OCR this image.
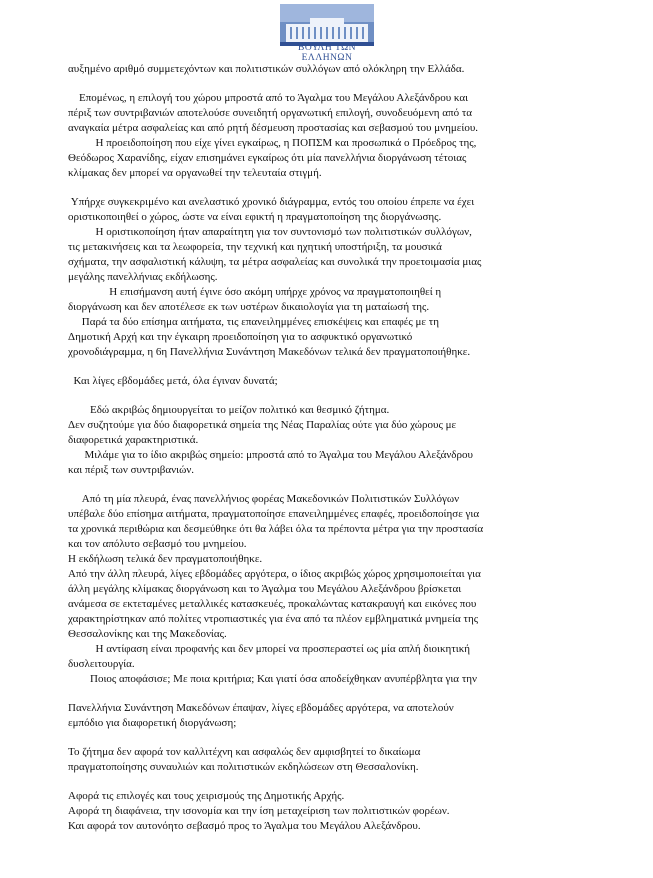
ΒΟΥΛΗ ΤΩΝ ΕΛΛΗΝΩΝ

αυξημένο αριθμό συμμετεχόντων και πολιτιστικών συλλόγων από ολόκληρη την Ελλάδα.

Επομένως, η επιλογή του χώρου μπροστά από το Άγαλμα του Μεγάλου Αλεξάνδρου και
πέριξ των συντριβανιών αποτελούσε συνειδητή οργανωτική επιλογή, συνοδευόμενη από τα
αναγκαία μέτρα ασφαλείας και από ρητή δέσμευση προστασίας και σεβασμού του μνημείου.

Η προειδοποίηση που είχε γίνει εγκαίρως, η ΠΟΠΣΜ και προσωπικά ο Πρόεδρος της,
Θεόδωρος Χαρανίδης, είχαν επισημάνει εγκαίρως ότι μία πανελλήνια διοργάνωση τέτοιας
κλίμακας δεν μπορεί να οργανωθεί την τελευταία στιγμή.

Υπήρχε συγκεκριμένο και ανελαστικό χρονικό διάγραμμα, εντός του οποίου έπρεπε να έχει
οριστικοποιηθεί ο χώρος, ώστε να είναι εφικτή η πραγματοποίηση της διοργάνωσης.

Η οριστικοποίηση ήταν απαραίτητη για τον συντονισμό των πολιτιστικών συλλόγων,
τις μετακινήσεις και τα λεωφορεία, την τεχνική και ηχητική υποστήριξη, τα μουσικά
σχήματα, την ασφαλιστική κάλυψη, τα μέτρα ασφαλείας και συνολικά την προετοιμασία μιας
μεγάλης πανελλήνιας εκδήλωσης.

Η επισήμανση αυτή έγινε όσο ακόμη υπήρχε χρόνος να πραγματοποιηθεί η
διοργάνωση και δεν αποτέλεσε εκ των υστέρων δικαιολογία για τη ματαίωσή της.

Παρά τα δύο επίσημα αιτήματα, τις επανειλημμένες επισκέψεις και επαφές με τη
Δημοτική Αρχή και την έγκαιρη προειδοποίηση για το ασφυκτικό οργανωτικό
χρονοδιάγραμμα, η 6η Πανελλήνια Συνάντηση Μακεδόνων τελικά δεν πραγματοποιήθηκε.

Και λίγες εβδομάδες μετά, όλα έγιναν δυνατά;

Εδώ ακριβώς δημιουργείται το μείζον πολιτικό και θεσμικό ζήτημα.
Δεν συζητούμε για δύο διαφορετικά σημεία της Νέας Παραλίας ούτε για δύο χώρους με
διαφορετικά χαρακτηριστικά.

Μιλάμε για το ίδιο ακριβώς σημείο: μπροστά από το Άγαλμα του Μεγάλου Αλεξάνδρου
και πέριξ των συντριβανιών.

Από τη μία πλευρά, ένας πανελλήνιος φορέας Μακεδονικών Πολιτιστικών Συλλόγων
υπέβαλε δύο επίσημα αιτήματα, πραγματοποίησε επανειλημμένες επαφές, προειδοποίησε για
τα χρονικά περιθώρια και δεσμεύθηκε ότι θα λάβει όλα τα πρέποντα μέτρα για την προστασία
και τον απόλυτο σεβασμό του μνημείου.
Η εκδήλωση τελικά δεν πραγματοποιήθηκε.
Από την άλλη πλευρά, λίγες εβδομάδες αργότερα, ο ίδιος ακριβώς χώρος χρησιμοποιείται για
άλλη μεγάλης κλίμακας διοργάνωση και το Άγαλμα του Μεγάλου Αλεξάνδρου βρίσκεται
ανάμεσα σε εκτεταμένες μεταλλικές κατασκευές, προκαλώντας κατακραυγή και εικόνες που
χαρακτηρίστηκαν από πολίτες ντροπιαστικές για ένα από τα πλέον εμβληματικά μνημεία της
Θεσσαλονίκης και της Μακεδονίας.

Η αντίφαση είναι προφανής και δεν μπορεί να προσπεραστεί ως μία απλή διοικητική
δυσλειτουργία.

Ποιος αποφάσισε; Με ποια κριτήρια; Και γιατί όσα αποδείχθηκαν ανυπέρβλητα για την

Πανελλήνια Συνάντηση Μακεδόνων έπαψαν, λίγες εβδομάδες αργότερα, να αποτελούν
εμπόδιο για διαφορετική διοργάνωση;

Το ζήτημα δεν αφορά τον καλλιτέχνη και ασφαλώς δεν αμφισβητεί το δικαίωμα
πραγματοποίησης συναυλιών και πολιτιστικών εκδηλώσεων στη Θεσσαλονίκη.

Αφορά τις επιλογές και τους χειρισμούς της Δημοτικής Αρχής.
Αφορά τη διαφάνεια, την ισονομία και την ίση μεταχείριση των πολιτιστικών φορέων.
Και αφορά τον αυτονόητο σεβασμό προς το Άγαλμα του Μεγάλου Αλεξάνδρου.
